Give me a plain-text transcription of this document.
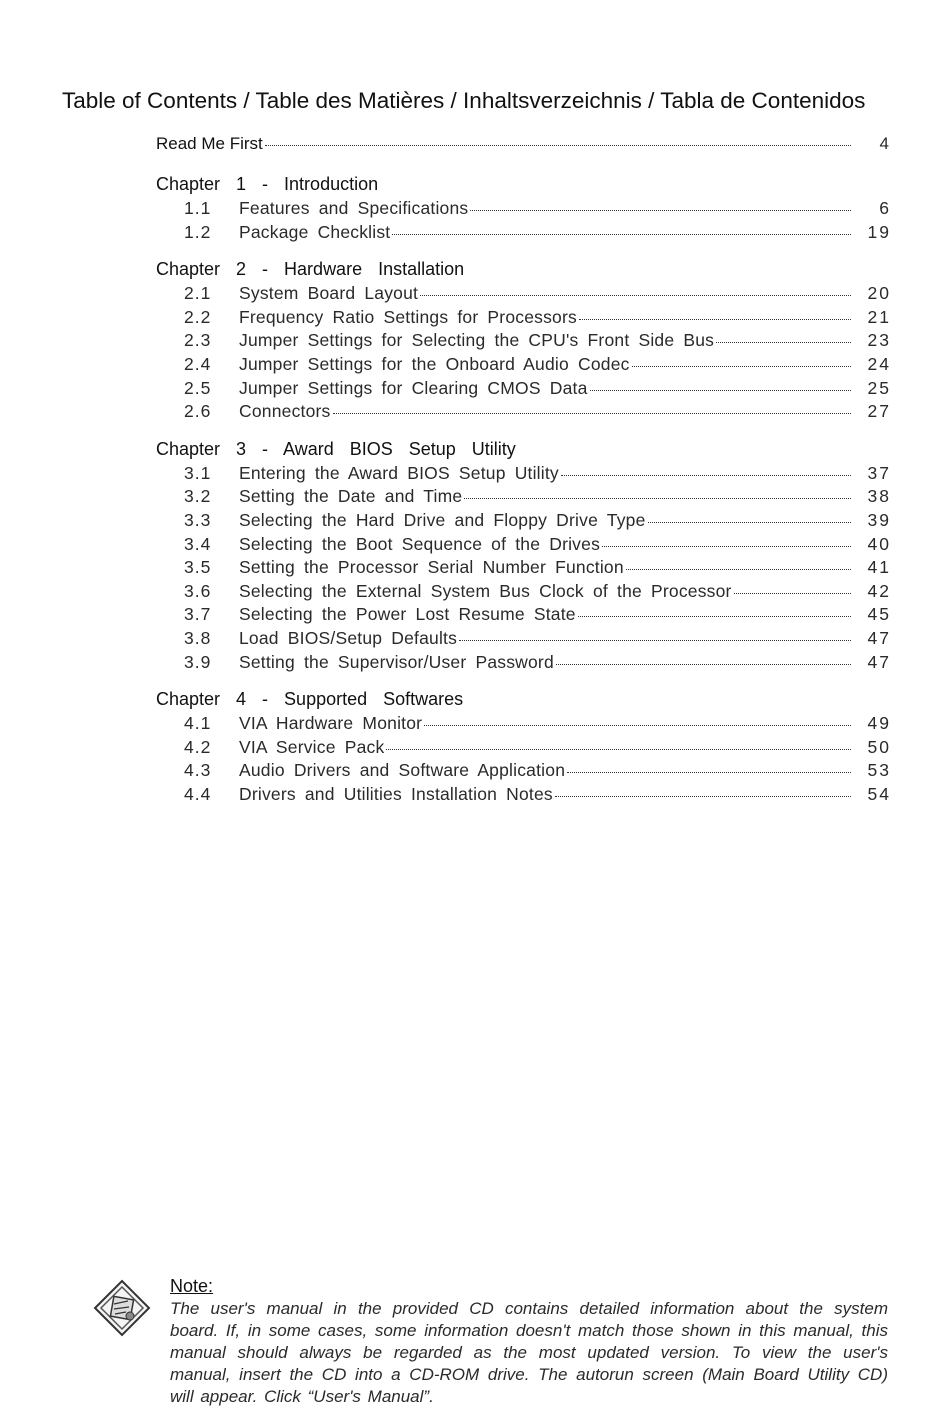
Table of Contents / Table des Matières / Inhaltsverzeichnis / Tabla de Contenidos
Read Me First	4
Chapter  1  -  Introduction
1.1	Features and Specifications	6
1.2	Package Checklist	19
Chapter  2  -  Hardware  Installation
2.1	System Board Layout	20
2.2	Frequency Ratio Settings for Processors	21
2.3	Jumper Settings for Selecting the CPU's Front Side Bus	23
2.4	Jumper Settings for the Onboard Audio Codec	24
2.5	Jumper Settings for Clearing CMOS Data	25
2.6	Connectors	27
Chapter  3  -  Award  BIOS  Setup  Utility
3.1	Entering the Award BIOS Setup Utility	37
3.2	Setting the Date and Time	38
3.3	Selecting the Hard Drive and Floppy Drive Type	39
3.4	Selecting the Boot Sequence of the Drives	40
3.5	Setting the Processor Serial Number Function	41
3.6	Selecting the External System Bus Clock of the Processor	42
3.7	Selecting the Power Lost Resume State	45
3.8	Load BIOS/Setup Defaults	47
3.9	Setting the Supervisor/User Password	47
Chapter  4  -  Supported  Softwares
4.1	VIA Hardware Monitor	49
4.2	VIA Service Pack	50
4.3	Audio Drivers and Software Application	53
4.4	Drivers and Utilities Installation Notes	54
Note:
The user's manual in the provided CD contains detailed information about the system board. If, in some cases, some information doesn't match those shown in this manual, this manual should always be regarded as the most updated version. To view the user's manual, insert the CD into a CD-ROM drive. The autorun screen (Main Board Utility CD) will appear. Click “User's Manual”.
